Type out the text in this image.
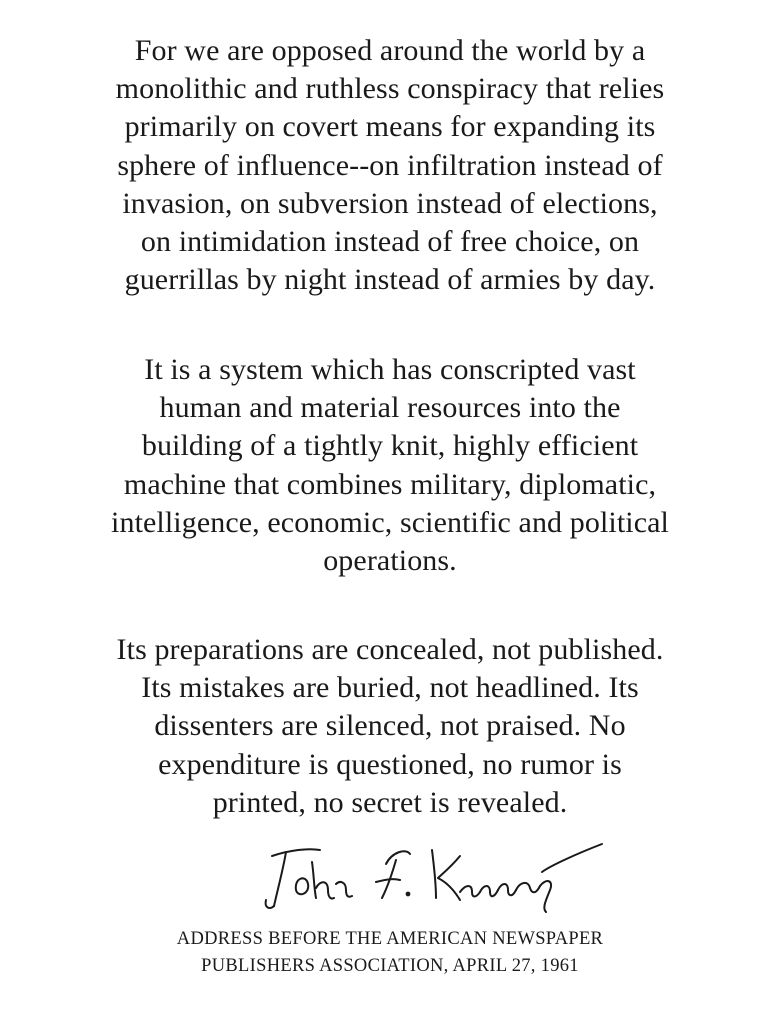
For we are opposed around the world by a
monolithic and ruthless conspiracy that relies
primarily on covert means for expanding its
sphere of influence--on infiltration instead of
invasion, on subversion instead of elections,
on intimidation instead of free choice, on
guerrillas by night instead of armies by day.
It is a system which has conscripted vast
human and material resources into the
building of a tightly knit, highly efficient
machine that combines military, diplomatic,
intelligence, economic, scientific and political
operations.
Its preparations are concealed, not published.
Its mistakes are buried, not headlined. Its
dissenters are silenced, not praised. No
expenditure is questioned, no rumor is
printed, no secret is revealed.
ADDRESS BEFORE THE AMERICAN NEWSPAPER
PUBLISHERS ASSOCIATION, APRIL 27, 1961
